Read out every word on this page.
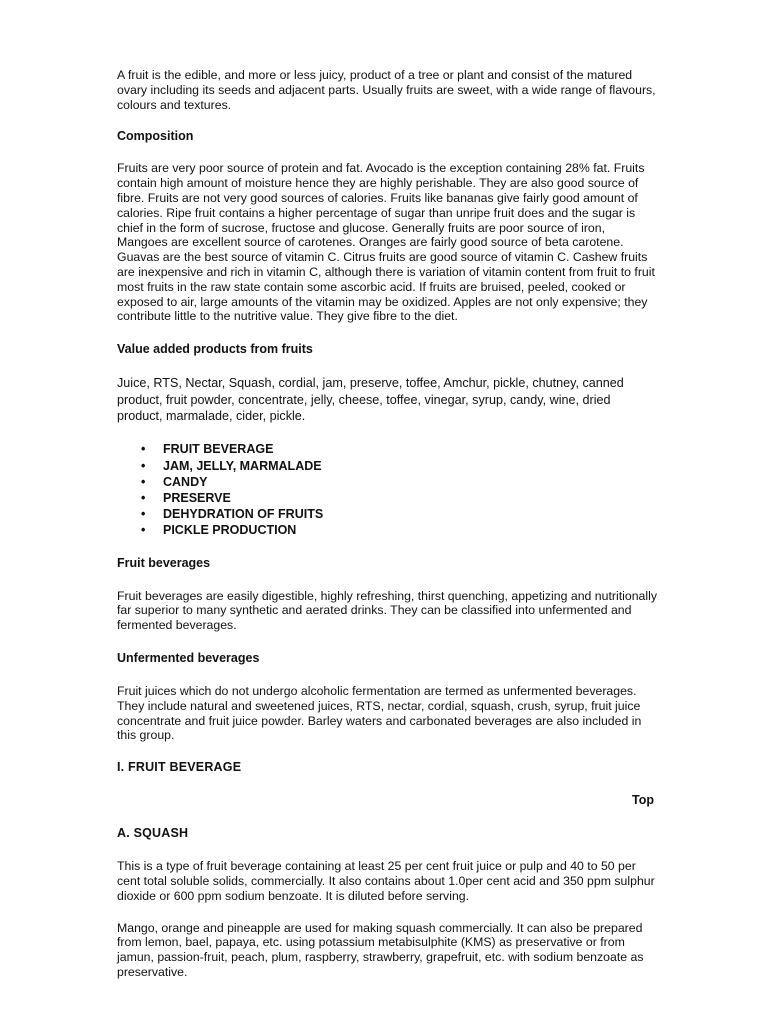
A fruit is the edible, and more or less juicy, product of a tree or plant and consist of the matured ovary including its seeds and adjacent parts. Usually fruits are sweet, with a wide range of flavours, colours and textures.

Composition

Fruits are very poor source of protein and fat. Avocado is the exception containing 28% fat. Fruits contain high amount of moisture hence they are highly perishable. They are also good source of fibre. Fruits are not very good sources of calories. Fruits like bananas give fairly good amount of calories. Ripe fruit contains a higher percentage of sugar than unripe fruit does and the sugar is chief in the form of sucrose, fructose and glucose. Generally fruits are poor source of iron, Mangoes are excellent source of carotenes. Oranges are fairly good source of beta carotene. Guavas are the best source of vitamin C. Citrus fruits are good source of vitamin C. Cashew fruits are inexpensive and rich in vitamin C, although there is variation of vitamin content from fruit to fruit most fruits in the raw state contain some ascorbic acid. If fruits are bruised, peeled, cooked or exposed to air, large amounts of the vitamin may be oxidized. Apples are not only expensive; they contribute little to the nutritive value. They give fibre to the diet.

Value added products from fruits

Juice, RTS, Nectar, Squash, cordial, jam, preserve, toffee, Amchur, pickle, chutney, canned product, fruit powder, concentrate, jelly, cheese, toffee, vinegar, syrup, candy, wine, dried product, marmalade, cider, pickle.

• FRUIT BEVERAGE
• JAM, JELLY, MARMALADE
• CANDY
• PRESERVE
• DEHYDRATION OF FRUITS
• PICKLE PRODUCTION

Fruit beverages

Fruit beverages are easily digestible, highly refreshing, thirst quenching, appetizing and nutritionally far superior to many synthetic and aerated drinks. They can be classified into unfermented and fermented beverages.

Unfermented beverages

Fruit juices which do not undergo alcoholic fermentation are termed as unfermented beverages. They include natural and sweetened juices, RTS, nectar, cordial, squash, crush, syrup, fruit juice concentrate and fruit juice powder. Barley waters and carbonated beverages are also included in this group.

I. FRUIT BEVERAGE

Top

A. SQUASH

This is a type of fruit beverage containing at least 25 per cent fruit juice or pulp and 40 to 50 per cent total soluble solids, commercially. It also contains about 1.0per cent acid and 350 ppm sulphur dioxide or 600 ppm sodium benzoate. It is diluted before serving.

Mango, orange and pineapple are used for making squash commercially. It can also be prepared from lemon, bael, papaya, etc. using potassium metabisulphite (KMS) as preservative or from jamun, passion-fruit, peach, plum, raspberry, strawberry, grapefruit, etc. with sodium benzoate as preservative.
